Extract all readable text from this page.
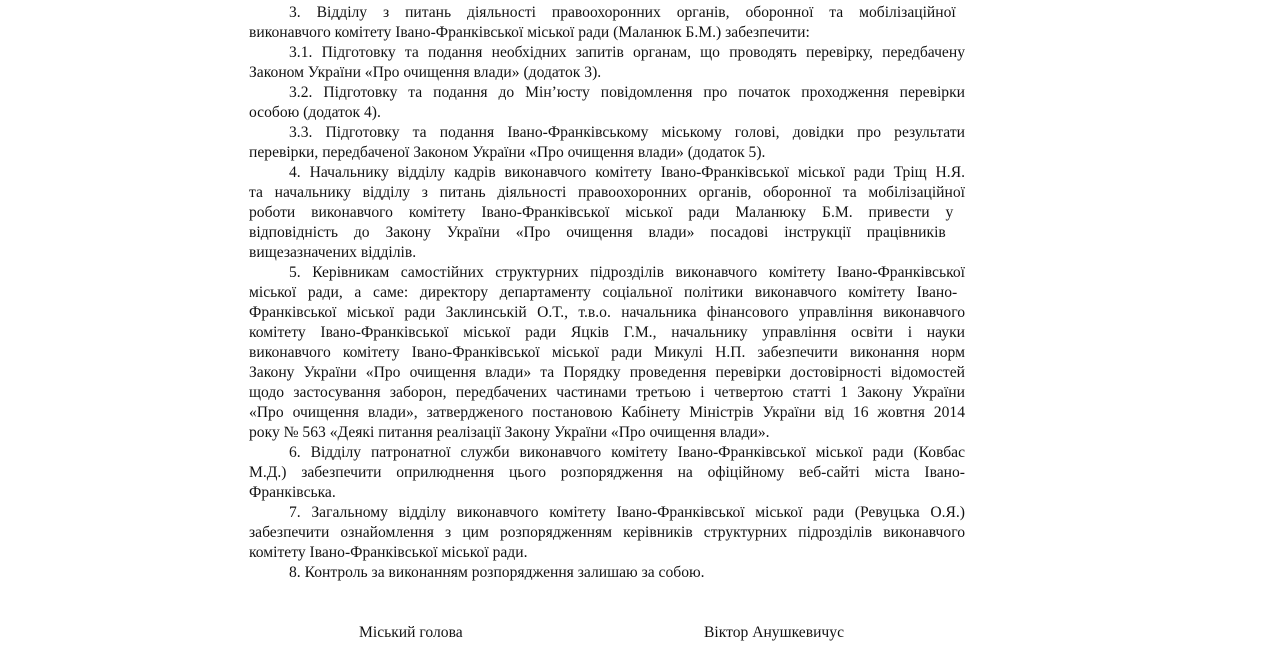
3. Відділу з питань діяльності правоохоронних органів, оборонної та мобілізаційної
виконавчого комітету Івано-Франківської міської ради (Маланюк Б.М.) забезпечити:

3.1. Підготовку та подання необхідних запитів органам, що проводять перевірку, передбачену
Законом України «Про очищення влади» (додаток 3).

3.2. Підготовку та подання до Мін’юсту повідомлення про початок проходження перевірки
особою (додаток 4).

3.3. Підготовку та подання Івано-Франківському міському голові, довідки про результати
перевірки, передбаченої Законом України «Про очищення влади» (додаток 5).

4. Начальнику відділу кадрів виконавчого комітету Івано-Франківської міської ради Тріщ Н.Я.
та начальнику відділу з питань діяльності правоохоронних органів, оборонної та мобілізаційної
роботи виконавчого комітету Івано-Франківської міської ради Маланюку Б.М. привести у
відповідність до Закону України «Про очищення влади» посадові інструкції працівників
вищезазначених відділів.

5. Керівникам самостійних структурних підрозділів виконавчого комітету Івано-Франківської
міської ради, а саме: директору департаменту соціальної політики виконавчого комітету Івано-
Франківської міської ради Заклинській О.Т., т.в.о. начальника фінансового управління виконавчого
комітету Івано-Франківської міської ради Яцків Г.М., начальнику управління освіти і науки
виконавчого комітету Івано-Франківської міської ради Микулі Н.П. забезпечити виконання норм
Закону України «Про очищення влади» та Порядку проведення перевірки достовірності відомостей
щодо застосування заборон, передбачених частинами третьою і четвертою статті 1 Закону України
«Про очищення влади», затвердженого постановою Кабінету Міністрів України від 16 жовтня 2014
року № 563 «Деякі питання реалізації Закону України «Про очищення влади».

6. Відділу патронатної служби виконавчого комітету Івано-Франківської міської ради (Ковбас
М.Д.) забезпечити оприлюднення цього розпорядження на офіційному веб-сайті міста Івано-
Франківська.

7. Загальному відділу виконавчого комітету Івано-Франківської міської ради (Ревуцька О.Я.)
забезпечити ознайомлення з цим розпорядженням керівників структурних підрозділів виконавчого
комітету Івано-Франківської міської ради.

8. Контроль за виконанням розпорядження залишаю за собою.

Міський голова	Віктор Анушкевичус
